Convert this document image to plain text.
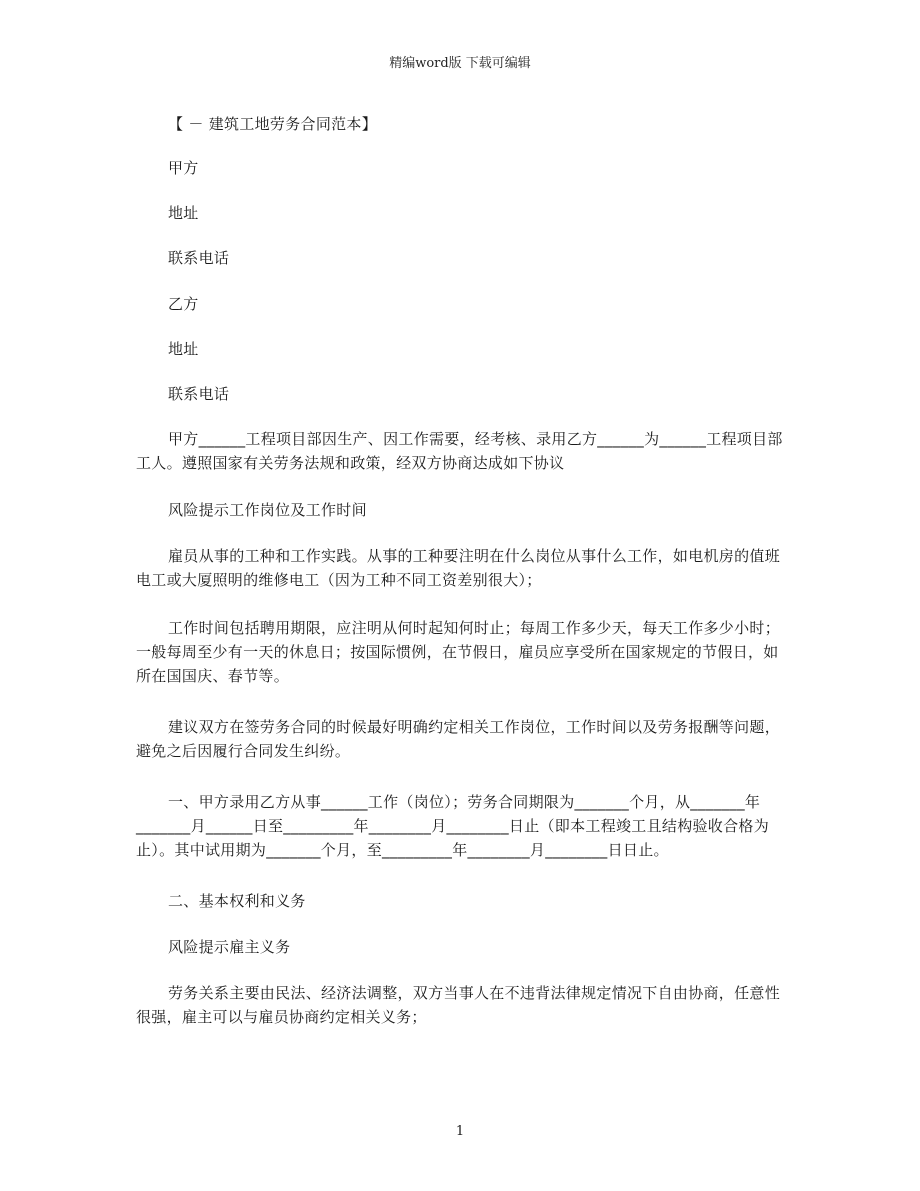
精编word版 下载可编辑

【 － 建筑工地劳务合同范本】

甲方

地址

联系电话

乙方

地址

联系电话

甲方______工程项目部因生产、因工作需要，经考核、录用乙方______为______工程项目部工人。遵照国家有关劳务法规和政策，经双方协商达成如下协议

风险提示工作岗位及工作时间

雇员从事的工种和工作实践。从事的工种要注明在什么岗位从事什么工作，如电机房的值班电工或大厦照明的维修电工（因为工种不同工资差别很大）；

工作时间包括聘用期限，应注明从何时起知何时止；每周工作多少天，每天工作多少小时；一般每周至少有一天的休息日；按国际惯例，在节假日，雇员应享受所在国家规定的节假日，如所在国国庆、春节等。

建议双方在签劳务合同的时候最好明确约定相关工作岗位，工作时间以及劳务报酬等问题，避免之后因履行合同发生纠纷。

一、甲方录用乙方从事______工作（岗位）；劳务合同期限为_______个月，从_______年_______月______日至_________年________月________日止（即本工程竣工且结构验收合格为止）。其中试用期为_______个月，至_________年________月________日日止。

二、基本权利和义务

风险提示雇主义务

劳务关系主要由民法、经济法调整，双方当事人在不违背法律规定情况下自由协商，任意性很强，雇主可以与雇员协商约定相关义务；

1
